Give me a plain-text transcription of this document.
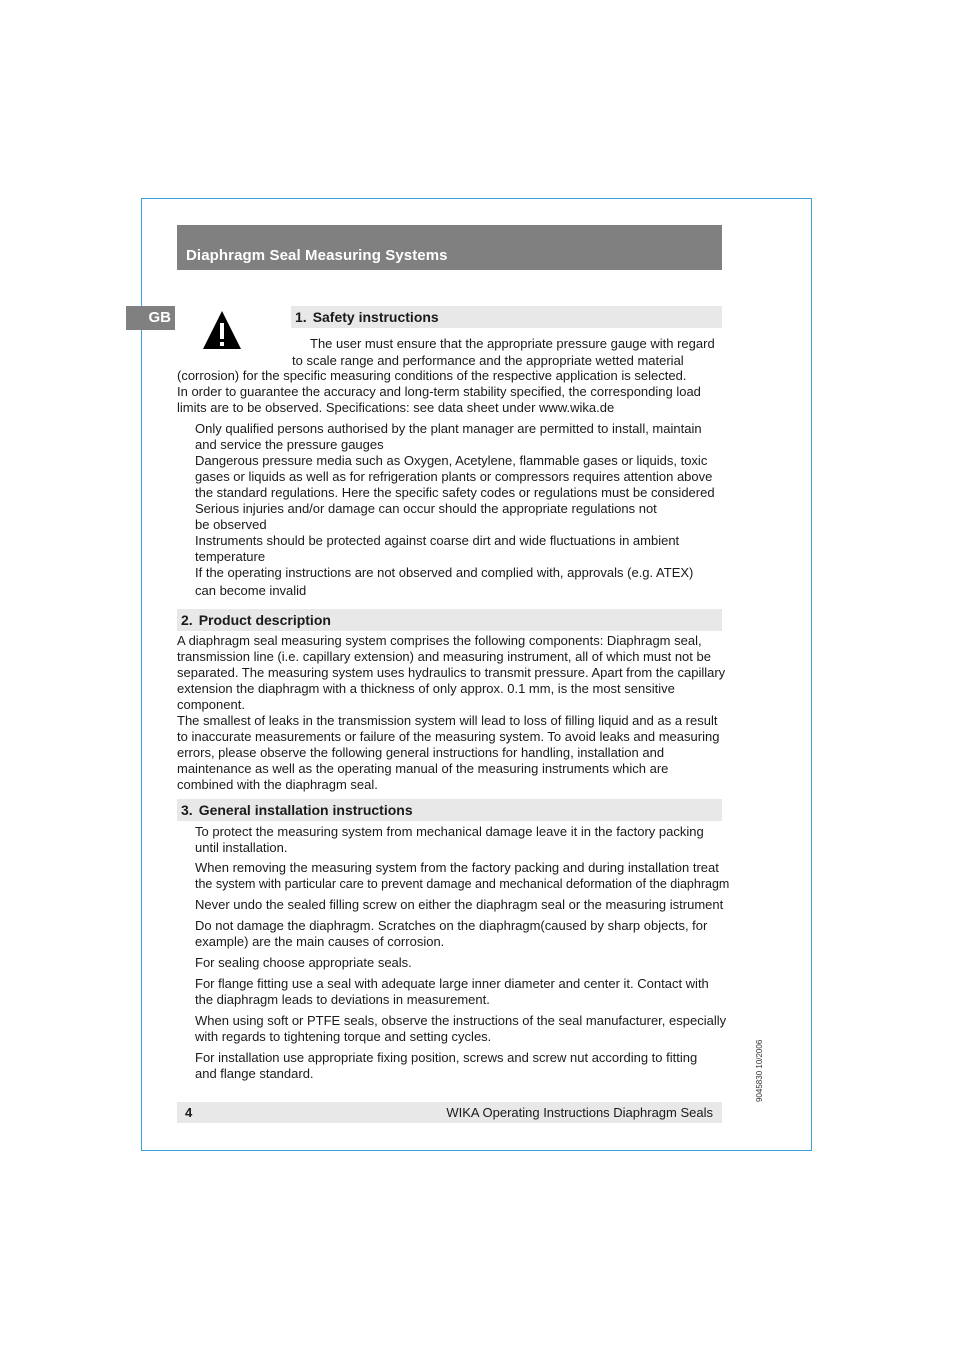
Diaphragm Seal Measuring Systems
GB	1. Safety instructions
The user must ensure that the appropriate pressure gauge with regard
to scale range and performance and the appropriate wetted material
(corrosion) for the specific measuring conditions of the respective application is selected.
In order to guarantee the accuracy and long-term stability specified, the corresponding load
limits are to be observed. Specifications: see data sheet under www.wika.de
Only qualified persons authorised by the plant manager are permitted to install, maintain
and service the pressure gauges
Dangerous pressure media such as Oxygen, Acetylene, flammable gases or liquids, toxic
gases or liquids as well as for refrigeration plants or compressors requires attention above
the standard regulations. Here the specific safety codes or regulations must be considered
Serious injuries and/or damage can occur should the appropriate regulations not
be observed
Instruments should be protected against coarse dirt and wide fluctuations in ambient
temperature
If the operating instructions are not observed and complied with, approvals (e.g. ATEX)
can become invalid
2. Product description
A diaphragm seal measuring system comprises the following components: Diaphragm seal,
transmission line (i.e. capillary extension) and measuring instrument, all of which must not be
separated. The measuring system uses hydraulics to transmit pressure. Apart from the capillary
extension the diaphragm with a thickness of only approx. 0.1 mm, is the most sensitive
component.
The smallest of leaks in the transmission system will lead to loss of filling liquid and as a result
to inaccurate measurements or failure of the measuring system. To avoid leaks and measuring
errors, please observe the following general instructions for handling, installation and
maintenance as well as the operating manual of the measuring instruments which are
combined with the diaphragm seal.
3. General installation instructions
To protect the measuring system from mechanical damage leave it in the factory packing
until installation.
When removing the measuring system from the factory packing and during installation treat
the system with particular care to prevent damage and mechanical deformation of the diaphragm
Never undo the sealed filling screw on either the diaphragm seal or the measuring istrument
Do not damage the diaphragm. Scratches on the diaphragm(caused by sharp objects, for
example) are the main causes of corrosion.
For sealing choose appropriate seals.
For flange fitting use a seal with adequate large inner diameter and center it. Contact with
the diaphragm leads to deviations in measurement.
When using soft or PTFE seals, observe the instructions of the seal manufacturer, especially
with regards to tightening torque and setting cycles.
For installation use appropriate fixing position, screws and screw nut according to fitting
and flange standard.	9045830 10/2006
4	WIKA Operating Instructions Diaphragm Seals
